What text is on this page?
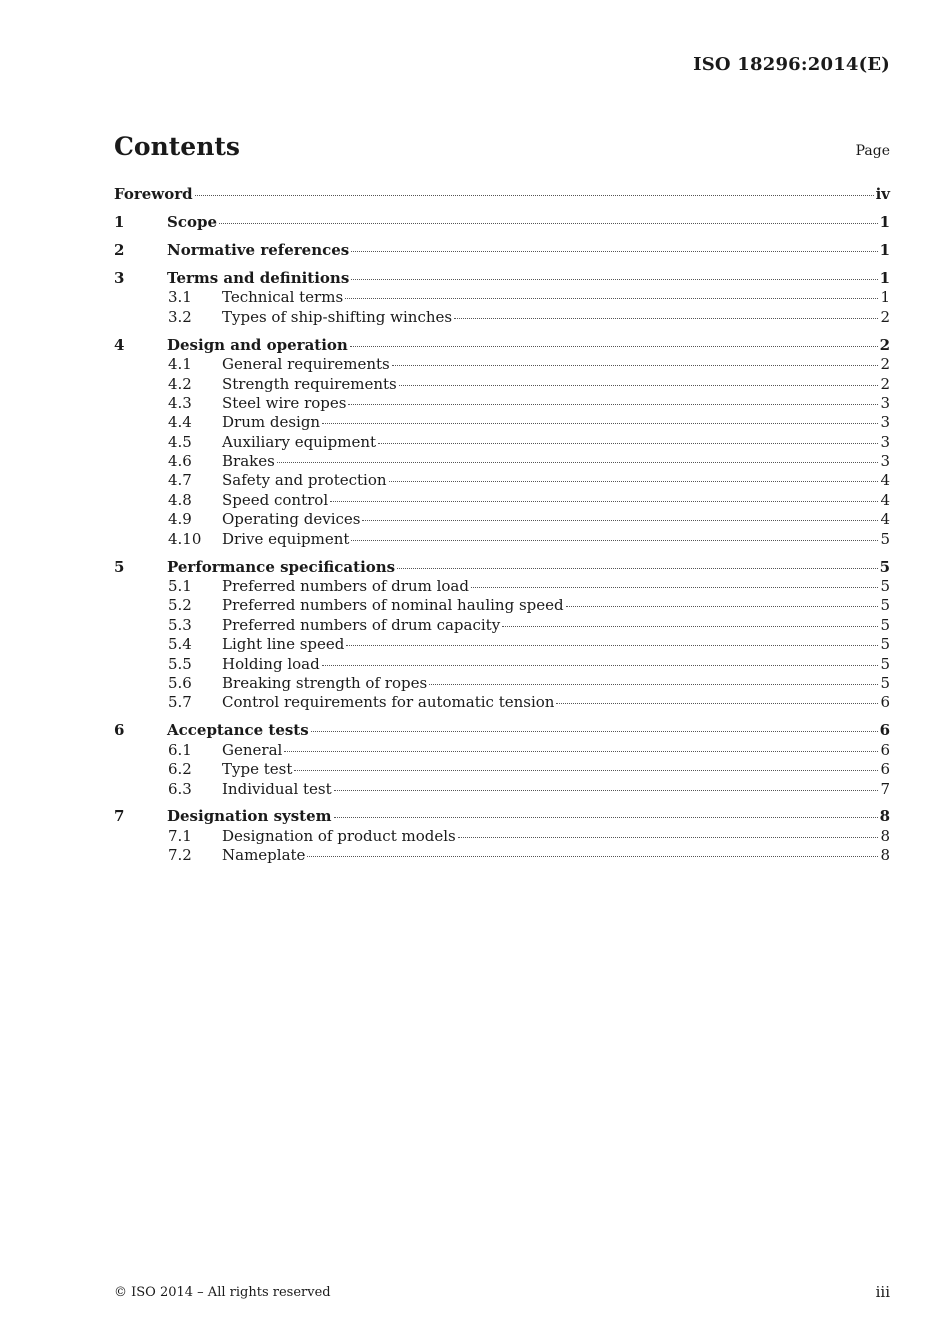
ISO 18296:2014(E)
Contents	Page
Foreword	iv
1	Scope	1
2	Normative references	1
3	Terms and definitions	1
3.1	Technical terms	1
3.2	Types of ship-shifting winches	2
4	Design and operation	2
4.1	General requirements	2
4.2	Strength requirements	2
4.3	Steel wire ropes	3
4.4	Drum design	3
4.5	Auxiliary equipment	3
4.6	Brakes	3
4.7	Safety and protection	4
4.8	Speed control	4
4.9	Operating devices	4
4.10	Drive equipment	5
5	Performance specifications	5
5.1	Preferred numbers of drum load	5
5.2	Preferred numbers of nominal hauling speed	5
5.3	Preferred numbers of drum capacity	5
5.4	Light line speed	5
5.5	Holding load	5
5.6	Breaking strength of ropes	5
5.7	Control requirements for automatic tension	6
6	Acceptance tests	6
6.1	General	6
6.2	Type test	6
6.3	Individual test	7
7	Designation system	8
7.1	Designation of product models	8
7.2	Nameplate	8
© ISO 2014 – All rights reserved	iii
